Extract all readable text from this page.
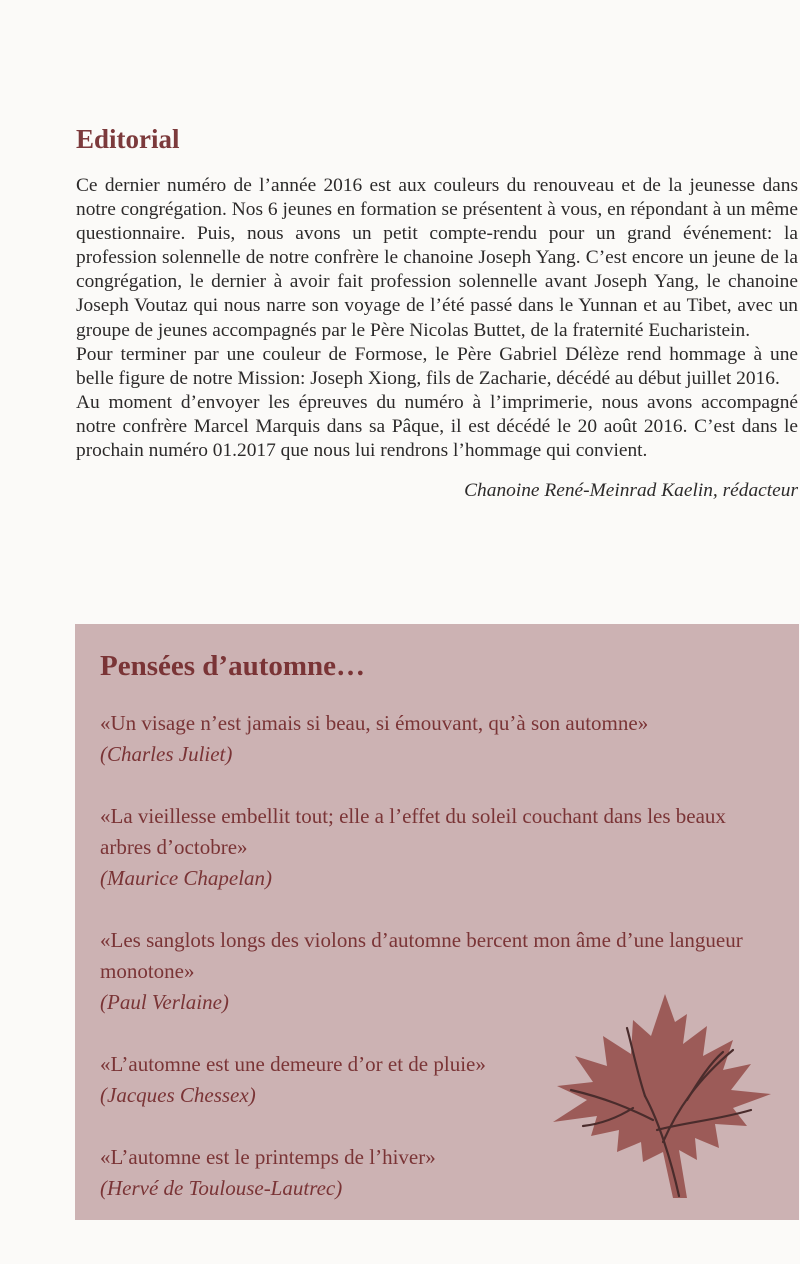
Editorial

Ce dernier numéro de l’année 2016 est aux couleurs du renouveau et de la jeunesse dans notre congrégation. Nos 6 jeunes en formation se présentent à vous, en répondant à un même questionnaire. Puis, nous avons un petit compte-rendu pour un grand événement: la profession solennelle de notre confrère le chanoine Joseph Yang. C’est encore un jeune de la congrégation, le dernier à avoir fait profession solennelle avant Joseph Yang, le chanoine Joseph Voutaz qui nous narre son voyage de l’été passé dans le Yunnan et au Tibet, avec un groupe de jeunes accompagnés par le Père Nicolas Buttet, de la fraternité Eucharistein.

Pour terminer par une couleur de Formose, le Père Gabriel Délèze rend hommage à une belle figure de notre Mission: Joseph Xiong, fils de Zacharie, décédé au début juillet 2016.

Au moment d’envoyer les épreuves du numéro à l’imprimerie, nous avons accompagné notre confrère Marcel Marquis dans sa Pâque, il est décédé le 20 août 2016. C’est dans le prochain numéro 01.2017 que nous lui rendrons l’hommage qui convient.

Chanoine René-Meinrad Kaelin, rédacteur
Pensées d’automne…
«Un visage n’est jamais si beau, si émouvant, qu’à son automne»
(Charles Juliet)
«La vieillesse embellit tout; elle a l’effet du soleil couchant dans les beaux arbres d’octobre»
(Maurice Chapelan)
«Les sanglots longs des violons d’automne bercent mon âme d’une langueur monotone»
(Paul Verlaine)
«L’automne est une demeure d’or et de pluie»
(Jacques Chessex)
«L’automne est le printemps de l’hiver»
(Hervé de Toulouse-Lautrec)
